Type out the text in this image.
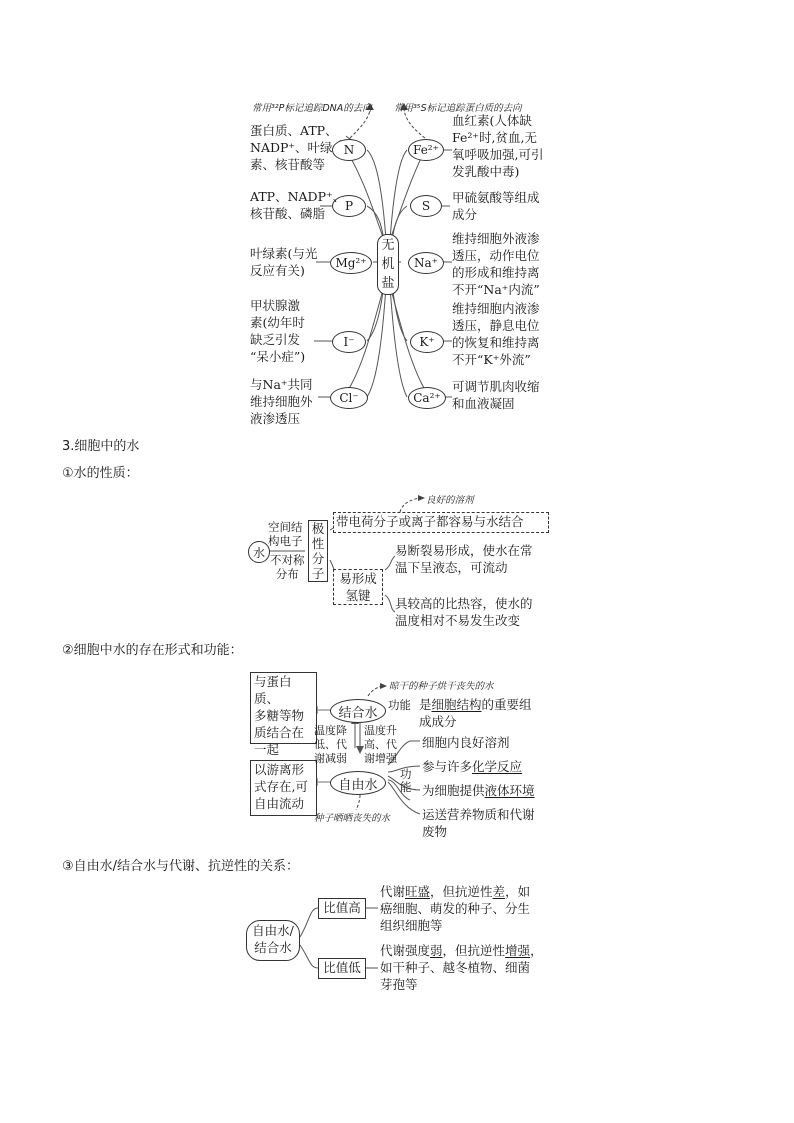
常用³²P标记追踪DNA的去向 常用³⁵S标记追踪蛋白质的去向
无
机
盐
N
P
Mg²⁺
I⁻
Cl⁻
蛋白质、ATP、
NADP⁺、叶绿
素、核苷酸等
ATP、NADP⁺、
核苷酸、磷脂
叶绿素(与光
反应有关)
甲状腺激
素(幼年时
缺乏引发
“呆小症”)
与Na⁺共同
维持细胞外
液渗透压
Fe²⁺
S
Na⁺
K⁺
Ca²⁺
血红素(人体缺
Fe²⁺时,贫血,无
氧呼吸加强,可引
发乳酸中毒)
甲硫氨酸等组成
成分
维持细胞外液渗
透压，动作电位
的形成和维持离
不开“Na⁺内流”
维持细胞内液渗
透压，静息电位
的恢复和维持离
不开“K⁺外流”
可调节肌肉收缩
和血液凝固
3.细胞中的水
①水的性质：
水
空间结
构电子
不对称
分布
极
性
分
子
良好的溶剂
带电荷分子或离子都容易与水结合
易形成
氢键
易断裂易形成，使水在常
温下呈液态，可流动
具较高的比热容，使水的
温度相对不易发生改变
②细胞中水的存在形式和功能：
与蛋白质、
多糖等物
质结合在
一起
以游离形
式存在,可
自由流动
结合水
自由水
晾干的种子烘干丧失的水
种子晒晒丧失的水
温度降
低、代
谢减弱
温度升
高、代
谢增强
功能 是细胞结构的重要组
成成分
功
能
细胞内良好溶剂
参与许多化学反应
为细胞提供液体环境
运送营养物质和代谢
废物
③自由水/结合水与代谢、抗逆性的关系：
自由水/
结合水
比值高
比值低
代谢旺盛，但抗逆性差，如
癌细胞、萌发的种子、分生
组织细胞等
代谢强度弱，但抗逆性增强，
如干种子、越冬植物、细菌
芽孢等
